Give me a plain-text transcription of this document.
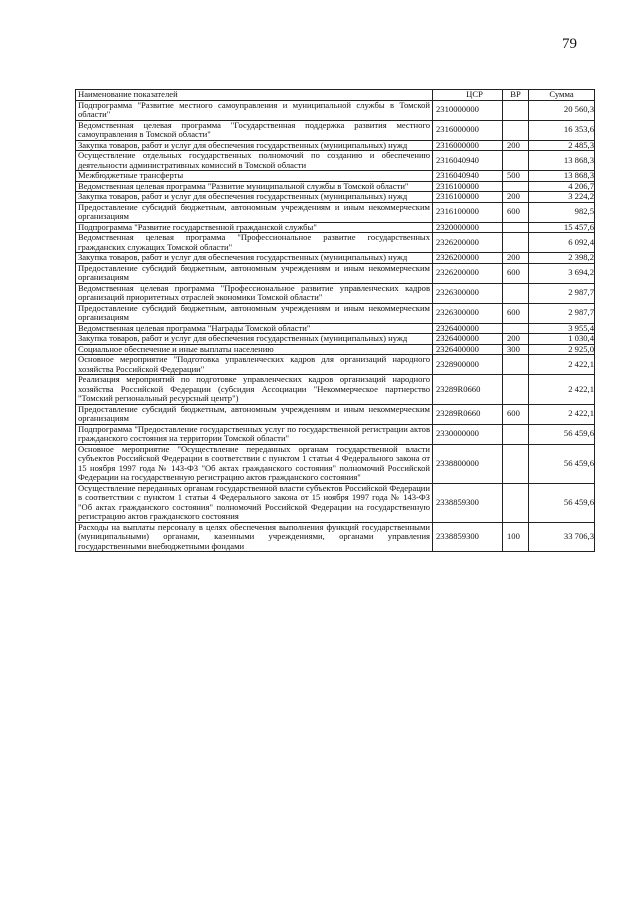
79
Наименование показателей	ЦСР	ВР	Сумма
Подпрограмма "Развитие местного самоуправления и муниципальной службы в Томской области"	2310000000		20 560,3
Ведомственная целевая программа "Государственная поддержка развития местного самоуправления в Томской области"	2316000000		16 353,6
Закупка товаров, работ и услуг для обеспечения государственных (муниципальных) нужд	2316000000	200	2 485,3
Осуществление отдельных государственных полномочий по созданию и обеспечению деятельности административных комиссий в Томской области	2316040940		13 868,3
Межбюджетные трансферты	2316040940	500	13 868,3
Ведомственная целевая программа "Развитие муниципальной службы в Томской области"	2316100000		4 206,7
Закупка товаров, работ и услуг для обеспечения государственных (муниципальных) нужд	2316100000	200	3 224,2
Предоставление субсидий бюджетным, автономным учреждениям и иным некоммерческим организациям	2316100000	600	982,5
Подпрограмма "Развитие государственной гражданской службы"	2320000000		15 457,6
Ведомственная целевая программа "Профессиональное развитие государственных гражданских служащих Томской области"	2326200000		6 092,4
Закупка товаров, работ и услуг для обеспечения государственных (муниципальных) нужд	2326200000	200	2 398,2
Предоставление субсидий бюджетным, автономным учреждениям и иным некоммерческим организациям	2326200000	600	3 694,2
Ведомственная целевая программа "Профессиональное развитие управленческих кадров организаций приоритетных отраслей экономики Томской области"	2326300000		2 987,7
Предоставление субсидий бюджетным, автономным учреждениям и иным некоммерческим организациям	2326300000	600	2 987,7
Ведомственная целевая программа "Награды Томской области"	2326400000		3 955,4
Закупка товаров, работ и услуг для обеспечения государственных (муниципальных) нужд	2326400000	200	1 030,4
Социальное обеспечение и иные выплаты населению	2326400000	300	2 925,0
Основное мероприятие "Подготовка управленческих кадров для организаций народного хозяйства Российской Федерации"	2328900000		2 422,1
Реализация мероприятий по подготовке управленческих кадров организаций народного хозяйства Российской Федерации (субсидия Ассоциации "Некоммерческое партнерство "Томский региональный ресурсный центр")	23289R0660		2 422,1
Предоставление субсидий бюджетным, автономным учреждениям и иным некоммерческим организациям	23289R0660	600	2 422,1
Подпрограмма "Предоставление государственных услуг по государственной регистрации актов гражданского состояния на территории Томской области"	2330000000		56 459,6
Основное мероприятие "Осуществление переданных органам государственной власти субъектов Российской Федерации в соответствии с пунктом 1 статьи 4 Федерального закона от 15 ноября 1997 года № 143-ФЗ "Об актах гражданского состояния" полномочий Российской Федерации на государственную регистрацию актов гражданского состояния"	2338800000		56 459,6
Осуществление переданных органам государственной власти субъектов Российской Федерации в соответствии с пунктом 1 статьи 4 Федерального закона от 15 ноября 1997 года № 143-ФЗ "Об актах гражданского состояния" полномочий Российской Федерации на государственную регистрацию актов гражданского состояния	2338859300		56 459,6
Расходы на выплаты персоналу в целях обеспечения выполнения функций государственными (муниципальными) органами, казенными учреждениями, органами управления государственными внебюджетными фондами	2338859300	100	33 706,3
